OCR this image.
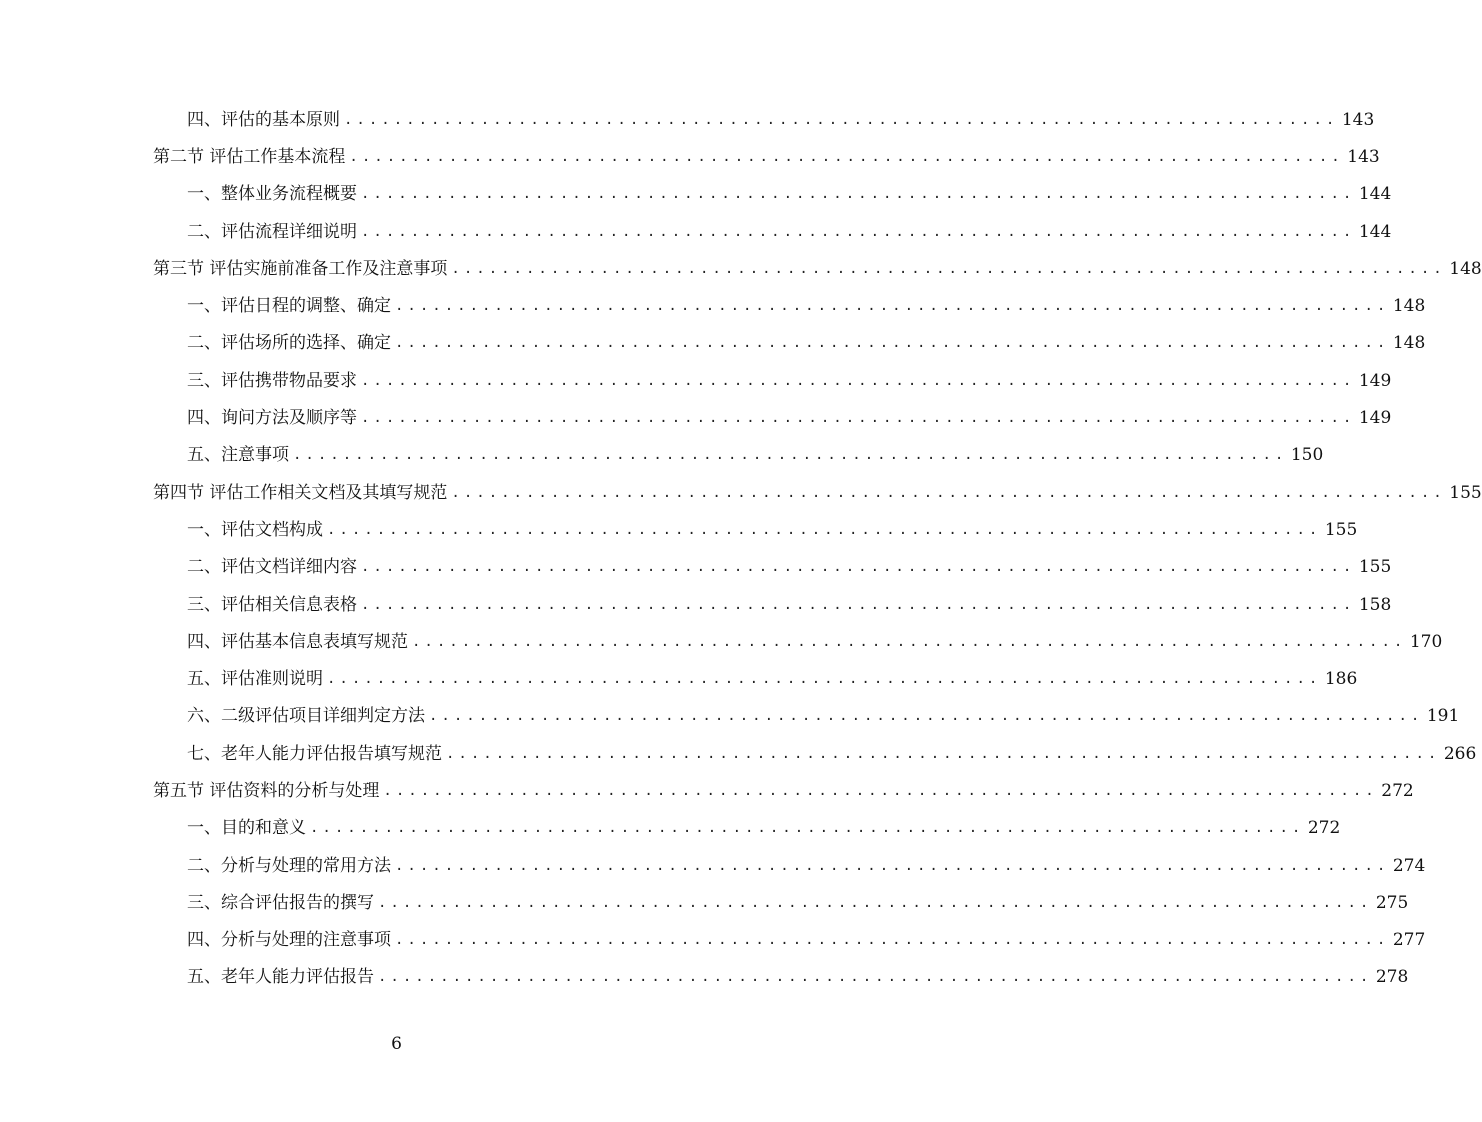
四、评估的基本原则 ................................................................................ 143
第二节 评估工作基本流程 ................................................................................ 143
一、整体业务流程概要 ................................................................................ 144
二、评估流程详细说明 ................................................................................ 144
第三节 评估实施前准备工作及注意事项 ................................................................................ 148
一、评估日程的调整、确定 ................................................................................ 148
二、评估场所的选择、确定 ................................................................................ 148
三、评估携带物品要求 ................................................................................ 149
四、询问方法及顺序等 ................................................................................ 149
五、注意事项 ................................................................................ 150
第四节 评估工作相关文档及其填写规范 ................................................................................ 155
一、评估文档构成 ................................................................................ 155
二、评估文档详细内容 ................................................................................ 155
三、评估相关信息表格 ................................................................................ 158
四、评估基本信息表填写规范 ................................................................................ 170
五、评估准则说明 ................................................................................ 186
六、二级评估项目详细判定方法 ................................................................................ 191
七、老年人能力评估报告填写规范 ................................................................................ 266
第五节 评估资料的分析与处理 ................................................................................ 272
一、目的和意义 ................................................................................ 272
二、分析与处理的常用方法 ................................................................................ 274
三、综合评估报告的撰写 ................................................................................ 275
四、分析与处理的注意事项 ................................................................................ 277
五、老年人能力评估报告 ................................................................................ 278
6
